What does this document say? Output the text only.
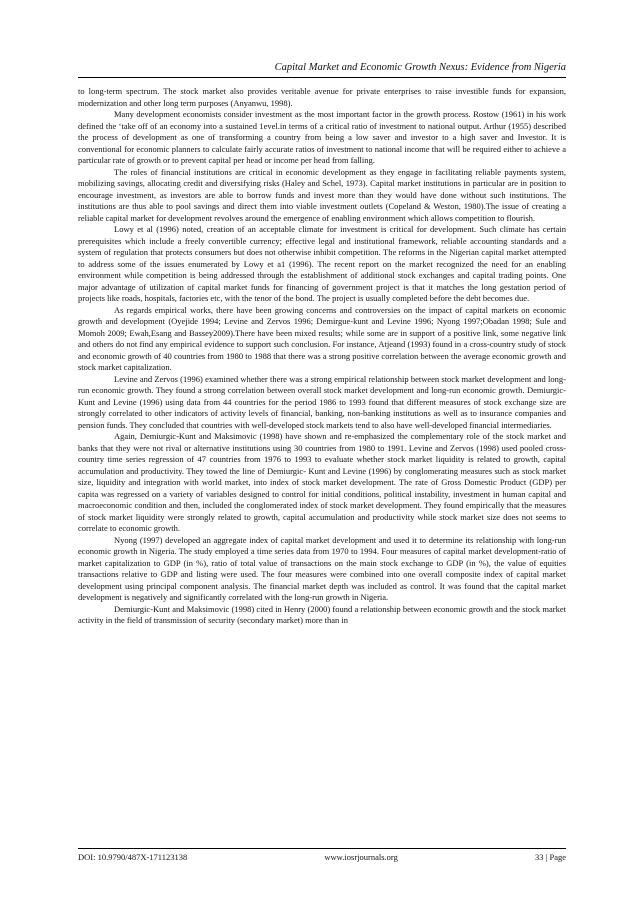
Capital Market and Economic Growth Nexus: Evidence from Nigeria

to long-term spectrum. The stock market also provides veritable avenue for private enterprises to raise investible funds for expansion, modernization and other long term purposes (Anyanwu, 1998).

Many development economists consider investment as the most important factor in the growth process. Rostow (1961) in his work defined the ‘take off of an economy into a sustained 1evel.in terms of a critical ratio of investment to national output. Arthur (1955) described the process of development as one of transforming a country from being a low saver and investor to a high saver and Investor. It is conventional for economic planners to calculate fairly accurate ratios of investment to national income that will be required either to achieve a particular rate of growth or to prevent capital per head or income per head from falling.

The roles of financial institutions are critical in economic development as they engage in facilitating reliable payments system, mobilizing savings, allocating credit and diversifying risks (Haley and Schel, 1973). Capital market institutions in particular are in position to encourage investment, as investors are able to borrow funds and invest more than they would have done without such institutions. The institutions are thus able to pool savings and direct them into viable investment outlets (Copeland & Weston, 1980).The issue of creating a reliable capital market for development revolves around the emergence of enabling environment which allows competition to flourish.

Lowy et al (1996) noted, creation of an acceptable climate for investment is critical for development. Such climate has certain prerequisites which include a freely convertible currency; effective legal and institutional framework, reliable accounting standards and a system of regulation that protects consumers but does not otherwise inhibit competition. The reforms in the Nigerian capital market attempted to address some of the issues enumerated by Lowy et a1 (1996). The recent report on the market recognized the need for an enabling environment while competition is being addressed through the establishment of additional stock exchanges and capital trading points. One major advantage of utilization of capital market funds for financing of government project is that it matches the long gestation period of projects like roads, hospitals, factories etc, with the tenor of the bond. The project is usually completed before the debt becomes due.

As regards empirical works, there have been growing concerns and controversies on the impact of capital markets on economic growth and development (Oyejide 1994; Levine and Zervos 1996; Demirgue-kunt and Levine 1996; Nyong 1997;Obadan 1998; Sule and Momoh 2009; Ewah,Esang and Bassey2009).There have been mixed results; while some are in support of a positive link, some negative link and others do not find any empirical evidence to support such conclusion. For instance, Atjeand (1993) found in a cross-country study of stock and economic growth of 40 countries from 1980 to 1988 that there was a strong positive correlation between the average economic growth and stock market capitalization.

Levine and Zervos (1996) examined whether there was a strong empirical relationship between stock market development and long-run economic growth. They found a strong correlation between overall stock market development and long-run economic growth. Demiurgic-Kunt and Levine (1996) using data from 44 countries for the period 1986 to 1993 found that different measures of stock exchange size are strongly correlated to other indicators of activity levels of financial, banking, non-banking institutions as well as to insurance companies and pension funds. They concluded that countries with well-developed stock markets tend to also have well-developed financial intermediaries.

Again, Demiurgic-Kunt and Maksimovic (1998) have shown and re-emphasized the complementary role of the stock market and banks that they were not rival or alternative institutions using 30 countries from 1980 to 1991. Levine and Zervos (1998) used pooled cross-country time series regression of 47 countries from 1976 to 1993 to evaluate whether stock market liquidity is related to growth, capital accumulation and productivity. They towed the line of Demiurgic- Kunt and Levine (1996) by conglomerating measures such as stock market size, liquidity and integration with world market, into index of stock market development. The rate of Gross Domestic Product (GDP) per capita was regressed on a variety of variables designed to control for initial conditions, political instability, investment in human capital and macroeconomic condition and then, included the conglomerated index of stock market development. They found empirically that the measures of stock market liquidity were strongly related to growth, capital accumulation and productivity while stock market size does not seems to correlate to economic growth.

Nyong (1997) developed an aggregate index of capital market development and used it to determine its relationship with long-run economic growth in Nigeria. The study employed a time series data from 1970 to 1994. Four measures of capital market development-ratio of market capitalization to GDP (in %), ratio of total value of transactions on the main stock exchange to GDP (in %), the value of equities transactions relative to GDP and listing were used. The four measures were combined into one overall composite index of capital market development using principal component analysis. The financial market depth was included as control. It was found that the capital market development is negatively and significantly correlated with the long-run growth in Nigeria.

Demiurgic-Kunt and Maksimovic (1998) cited in Henry (2000) found a relationship between economic growth and the stock market activity in the field of transmission of security (secondary market) more than in

DOI: 10.9790/487X-171123138	www.iosrjournals.org	33 | Page
